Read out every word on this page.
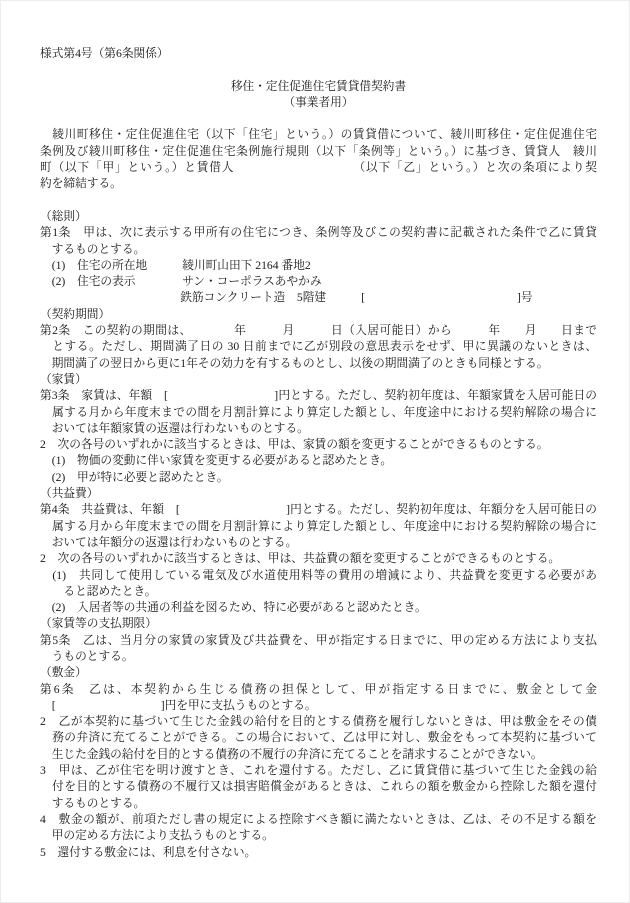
様式第4号（第6条関係）
移住・定住促進住宅賃貸借契約書
（事業者用）
　綾川町移住・定住促進住宅（以下「住宅」という。）の賃貸借について、綾川町移住・定住促進住宅
条例及び綾川町移住・定住促進住宅条例施行規則（以下「条例等」という。）に基づき、賃貸人　綾川
町（以下「甲」という。）と賃借人　　　　　　　　　　（以下「乙」という。）と次の条項により契
約を締結する。
（総則）
第1条　甲は、次に表示する甲所有の住宅につき、条例等及びこの契約書に記載された条件で乙に賃貸
　するものとする。
　(1)　住宅の所在地　　　綾川町山田下 2164 番地2
　(2)　住宅の表示　　　　サン・コーポラスあやかみ
　　　　　　　　　　　　鉄筋コンクリート造　5階建　　　[　　　　　　　　　　　　　]号
（契約期間）
第2条　この契約の期間は、　　　　年　　　月　　　日（入居可能日）から　　　年　　月　　日まで
　とする。ただし、期間満了日の 30 日前までに乙が別段の意思表示をせず、甲に異議のないときは、
　期間満了の翌日から更に1年その効力を有するものとし、以後の期間満了のときも同様とする。
（家賃）
第3条　家賃は、年額　[　　　　　　　　　]円とする。ただし、契約初年度は、年額家賃を入居可能日の
　属する月から年度末までの間を月割計算により算定した額とし、年度途中における契約解除の場合に
　おいては年額家賃の返還は行わないものとする。
2　次の各号のいずれかに該当するときは、甲は、家賃の額を変更することができるものとする。
　(1)　物価の変動に伴い家賃を変更する必要があると認めたとき。
　(2)　甲が特に必要と認めたとき。
（共益費）
第4条　共益費は、年額　[　　　　　　　　　]円とする。ただし、契約初年度は、年額分を入居可能日の
　属する月から年度末までの間を月割計算により算定した額とし、年度途中における契約解除の場合に
　おいては年額分の返還は行わないものとする。
2　次の各号のいずれかに該当するときは、甲は、共益費の額を変更することができるものとする。
　(1)　共同して使用している電気及び水道使用料等の費用の増減により、共益費を変更する必要があ
　　ると認めたとき。
　(2)　入居者等の共通の利益を図るため、特に必要があると認めたとき。
（家賃等の支払期限）
第5条　乙は、当月分の家賃の家賃及び共益費を、甲が指定する日までに、甲の定める方法により支払
　うものとする。
（敷金）
第6条　乙は、本契約から生じる債務の担保として、甲が指定する日までに、敷金として金
　[　　　　　　　　　]円を甲に支払うものとする。
2　乙が本契約に基づいて生じた金銭の給付を目的とする債務を履行しないときは、甲は敷金をその債
　務の弁済に充てることができる。この場合において、乙は甲に対し、敷金をもって本契約に基づいて
　生じた金銭の給付を目的とする債務の不履行の弁済に充てることを請求することができない。
3　甲は、乙が住宅を明け渡すとき、これを還付する。ただし、乙に賃貸借に基づいて生じた金銭の給
　付を目的とする債務の不履行又は損害賠償金があるときは、これらの額を敷金から控除した額を還付
　するものとする。
4　敷金の額が、前項ただし書の規定による控除すべき額に満たないときは、乙は、その不足する額を
　甲の定める方法により支払うものとする。
5　還付する敷金には、利息を付さない。
